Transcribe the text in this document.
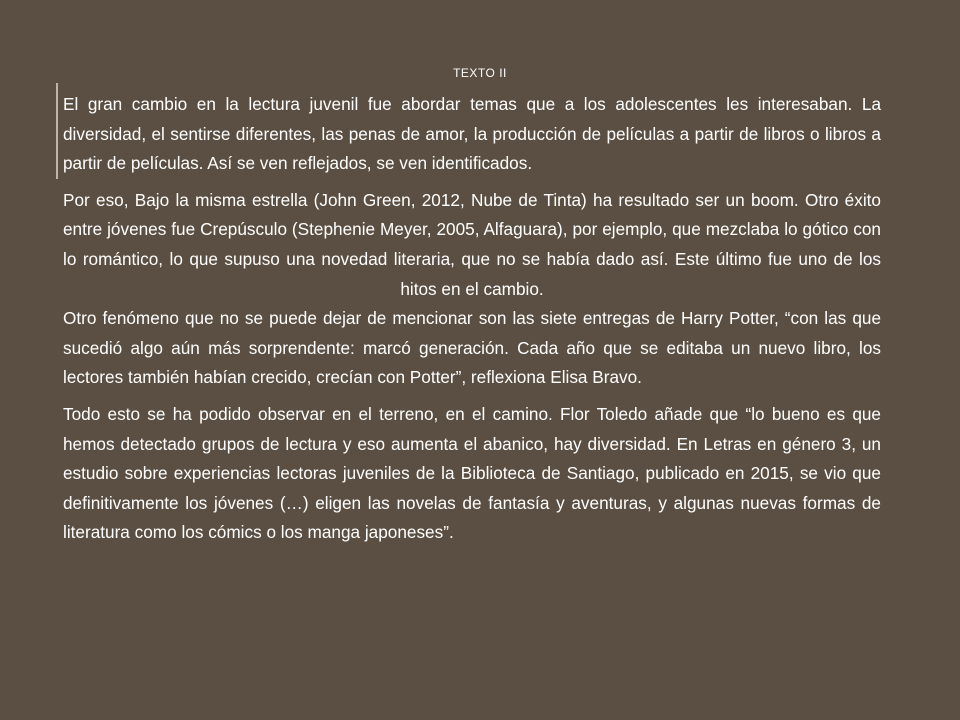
TEXTO II

El gran cambio en la lectura juvenil fue abordar temas que a los adolescentes les interesaban. La diversidad, el sentirse diferentes, las penas de amor, la producción de películas a partir de libros o libros a partir de películas. Así se ven reflejados, se ven identificados.

Por eso, Bajo la misma estrella (John Green, 2012, Nube de Tinta) ha resultado ser un boom. Otro éxito entre jóvenes fue Crepúsculo (Stephenie Meyer, 2005, Alfaguara), por ejemplo, que mezclaba lo gótico con lo romántico, lo que supuso una novedad literaria, que no se había dado así. Este último fue uno de los hitos en el cambio.

Otro fenómeno que no se puede dejar de mencionar son las siete entregas de Harry Potter, “con las que sucedió algo aún más sorprendente: marcó generación. Cada año que se editaba un nuevo libro, los lectores también habían crecido, crecían con Potter”, reflexiona Elisa Bravo.

Todo esto se ha podido observar en el terreno, en el camino. Flor Toledo añade que “lo bueno es que hemos detectado grupos de lectura y eso aumenta el abanico, hay diversidad. En Letras en género 3, un estudio sobre experiencias lectoras juveniles de la Biblioteca de Santiago, publicado en 2015, se vio que definitivamente los jóvenes (…) eligen las novelas de fantasía y aventuras, y algunas nuevas formas de literatura como los cómics o los manga japoneses”.
